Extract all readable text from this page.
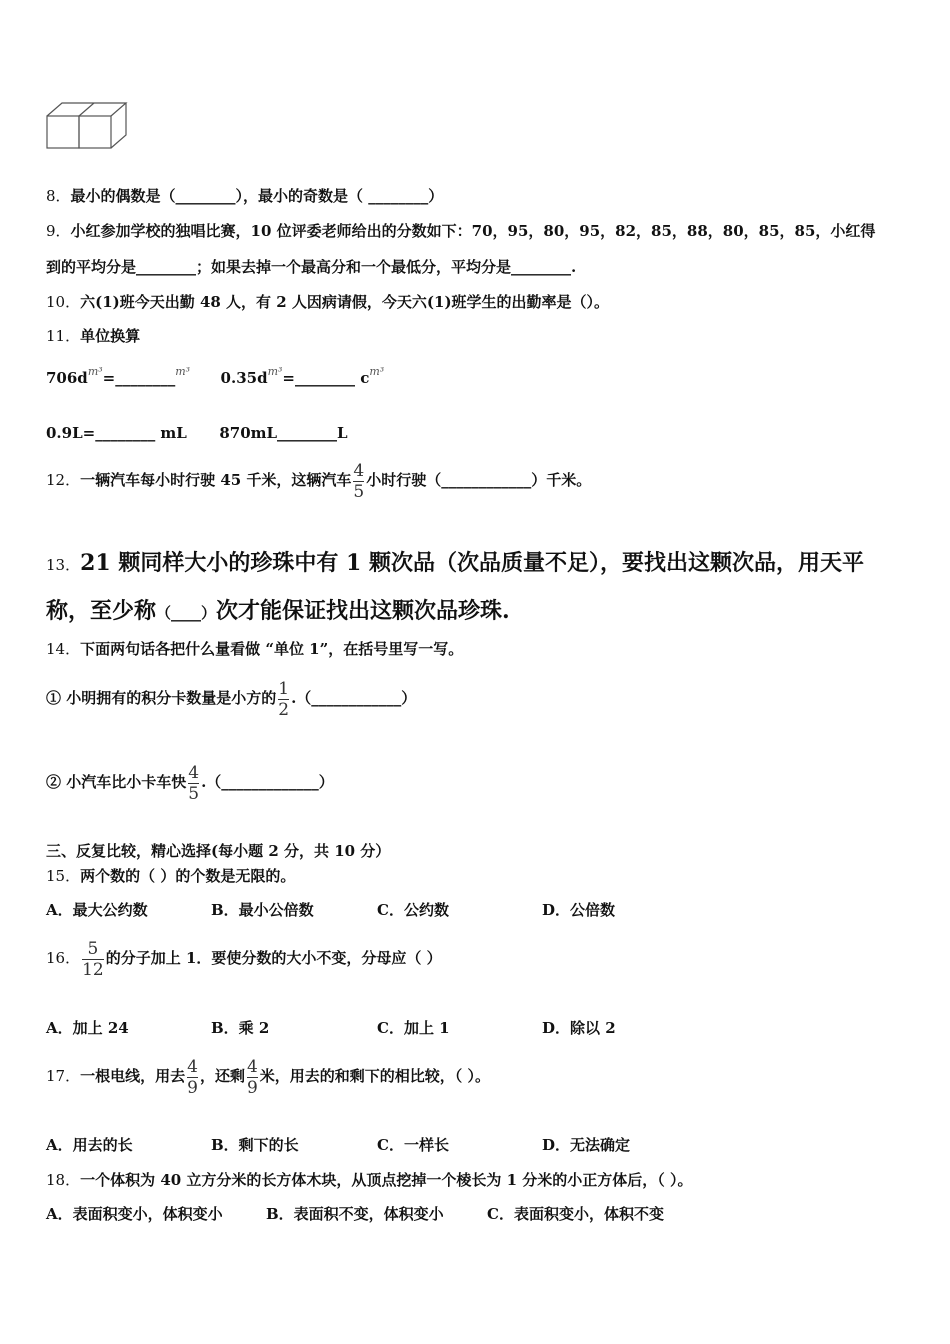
8．最小的偶数是（________），最小的奇数是（ ________）
9．小红参加学校的独唱比赛，10 位评委老师给出的分数如下：70，95，80，95，82，85，88，80，85，85，小红得
到的平均分是________；如果去掉一个最高分和一个最低分，平均分是________.
10．六(1)班今天出勤 48 人，有 2 人因病请假，今天六(1)班学生的出勤率是（）。
11．单位换算
$706d^{m^3}=\_\_\_\_\_\_\_\_^{m^3}$ $0.35d^{m^3}=\_\_\_\_\_\_\_\_$ $c^{m^3}$
0.9L=________ mL 870mL________L
12．一辆汽车每小时行驶 45 千米，这辆汽车 $\frac{4}{5}$ 小时行驶（____________）千米。
13．21 颗同样大小的珍珠中有 1 颗次品（次品质量不足），要找出这颗次品，用天平
称，至少称（____）次才能保证找出这颗次品珍珠.
14．下面两句话各把什么量看做 “单位 1”，在括号里写一写。
① 小明拥有的积分卡数量是小方的 $\frac{1}{2}$ .（____________）
② 小汽车比小卡车快 $\frac{4}{5}$ .（_____________）
三、反复比较，精心选择(每小题 2 分，共 10 分）
15．两个数的（ ）的个数是无限的。
A．最大公约数	B．最小公倍数	C．公约数	D．公倍数
16． $\frac{5}{12}$ 的分子加上 1．要使分数的大小不变，分母应（ ）
A．加上 24	B．乘 2	C．加上 1	D．除以 2
17．一根电线，用去 $\frac{4}{9}$ ，还剩 $\frac{4}{9}$ 米，用去的和剩下的相比较，（ ）。
A．用去的长	B．剩下的长	C．一样长	D．无法确定
18．一个体积为 40 立方分米的长方体木块，从顶点挖掉一个棱长为 1 分米的小正方体后，（ ）。
A．表面积变小，体积变小	B．表面积不变，体积变小	C．表面积变小，体积不变
